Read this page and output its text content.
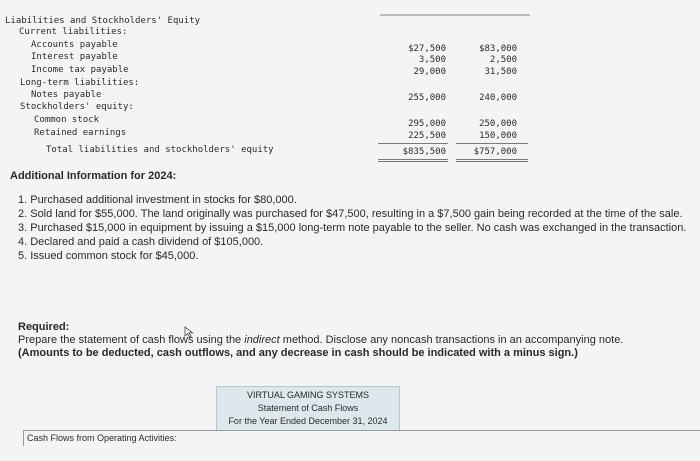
Liabilities and Stockholders' Equity
Current liabilities:
Accounts payable	$27,500	$83,000
Interest payable	3,500	2,500
Income tax payable	29,000	31,500
Long-term liabilities:
Notes payable	255,000	240,000
Stockholders' equity:
Common stock	295,000	250,000
Retained earnings	225,500	150,000
Total liabilities and stockholders' equity	$835,500	$757,000
Additional Information for 2024:
1. Purchased additional investment in stocks for $80,000.
2. Sold land for $55,000. The land originally was purchased for $47,500, resulting in a $7,500 gain being recorded at the time of the sale.
3. Purchased $15,000 in equipment by issuing a $15,000 long-term note payable to the seller. No cash was exchanged in the transaction.
4. Declared and paid a cash dividend of $105,000.
5. Issued common stock for $45,000.
Required:
Prepare the statement of cash flows using the indirect method. Disclose any noncash transactions in an accompanying note.
(Amounts to be deducted, cash outflows, and any decrease in cash should be indicated with a minus sign.)
VIRTUAL GAMING SYSTEMS
Statement of Cash Flows
For the Year Ended December 31, 2024
Cash Flows from Operating Activities:
